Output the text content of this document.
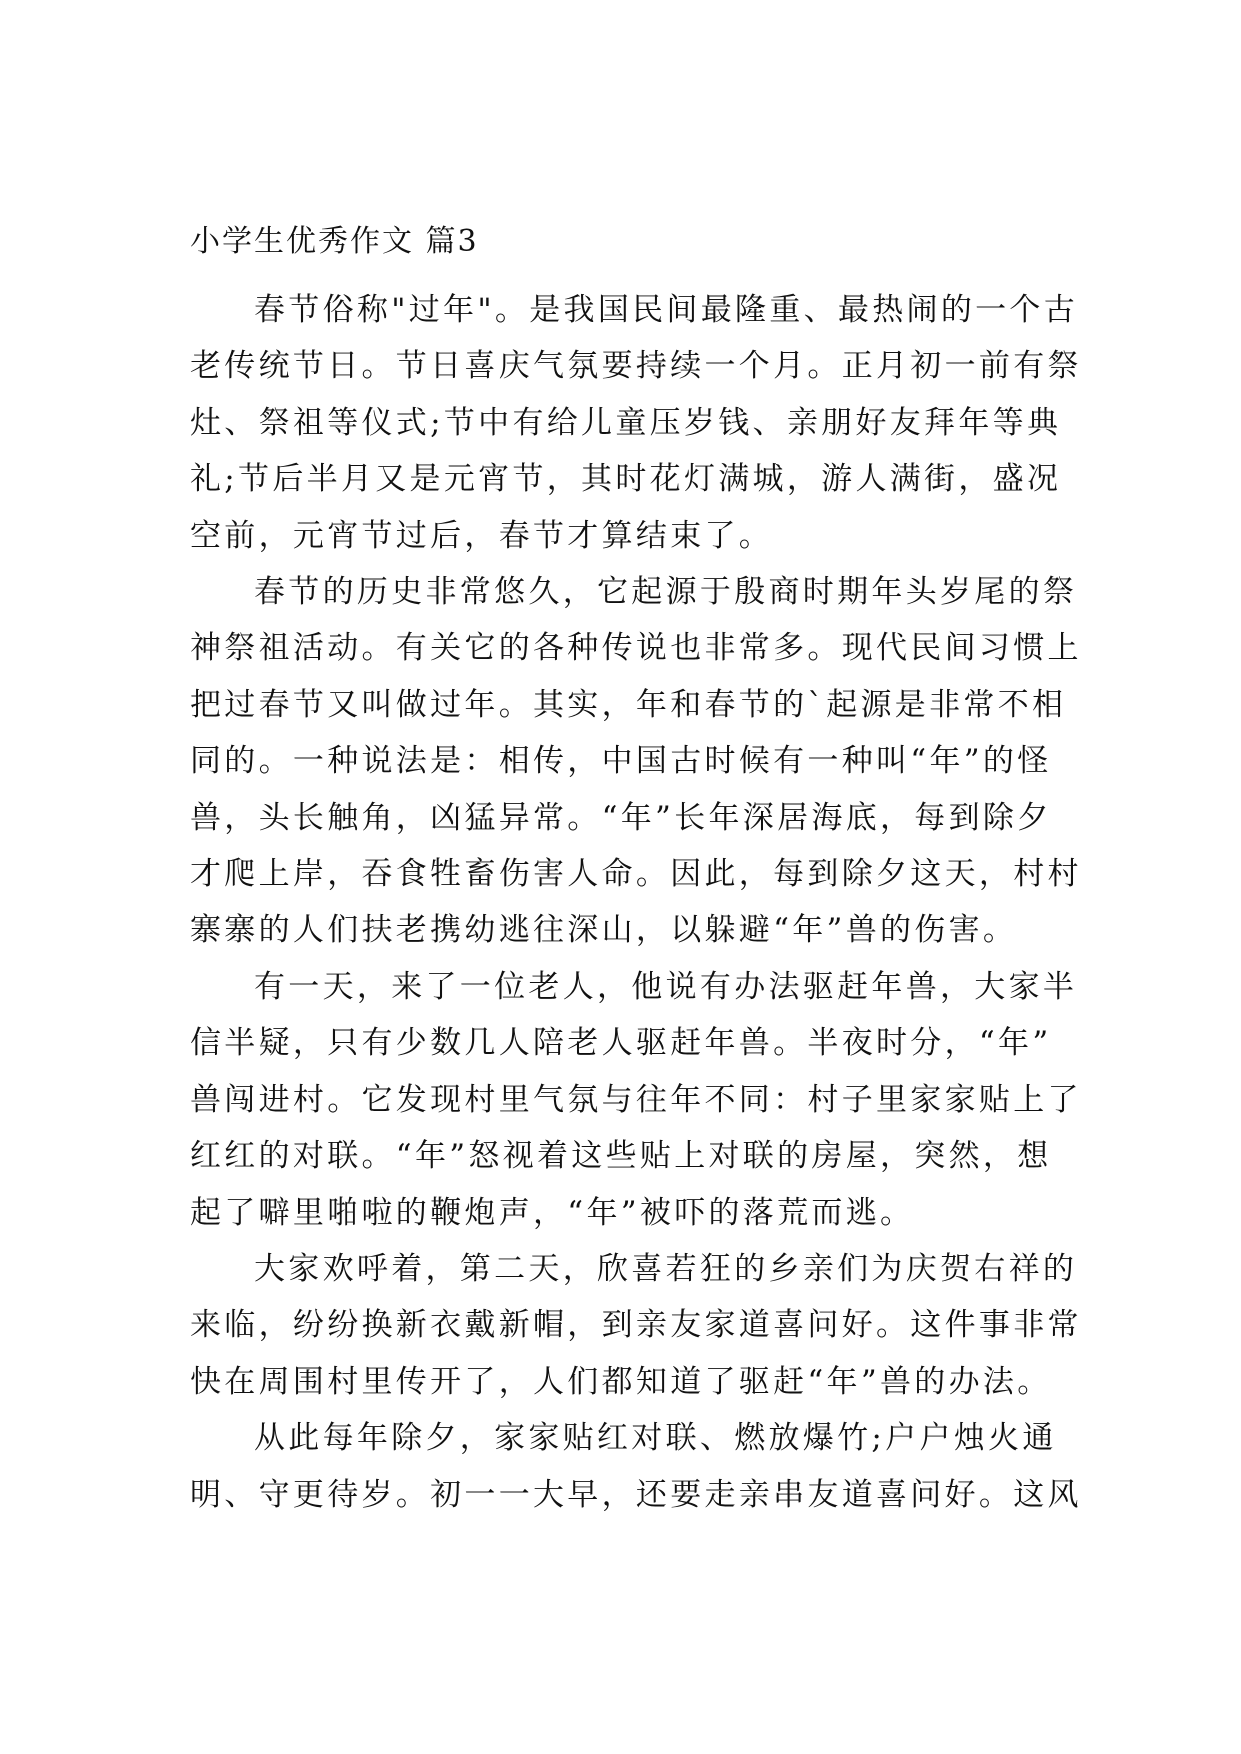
小学生优秀作文 篇3

春节俗称"过年"。是我国民间最隆重、最热闹的一个古
老传统节日。节日喜庆气氛要持续一个月。正月初一前有祭
灶、祭祖等仪式;节中有给儿童压岁钱、亲朋好友拜年等典
礼;节后半月又是元宵节，其时花灯满城，游人满街，盛况
空前，元宵节过后，春节才算结束了。

春节的历史非常悠久，它起源于殷商时期年头岁尾的祭
神祭祖活动。有关它的各种传说也非常多。现代民间习惯上
把过春节又叫做过年。其实，年和春节的`起源是非常不相
同的。一种说法是：相传，中国古时候有一种叫“年”的怪
兽，头长触角，凶猛异常。“年”长年深居海底，每到除夕
才爬上岸，吞食牲畜伤害人命。因此，每到除夕这天，村村
寨寨的人们扶老携幼逃往深山，以躲避“年”兽的伤害。

有一天，来了一位老人，他说有办法驱赶年兽，大家半
信半疑，只有少数几人陪老人驱赶年兽。半夜时分，“年”
兽闯进村。它发现村里气氛与往年不同：村子里家家贴上了
红红的对联。“年”怒视着这些贴上对联的房屋，突然，想
起了噼里啪啦的鞭炮声，“年”被吓的落荒而逃。

大家欢呼着，第二天，欣喜若狂的乡亲们为庆贺右祥的
来临，纷纷换新衣戴新帽，到亲友家道喜问好。这件事非常
快在周围村里传开了，人们都知道了驱赶“年”兽的办法。

从此每年除夕，家家贴红对联、燃放爆竹;户户烛火通
明、守更待岁。初一一大早，还要走亲串友道喜问好。这风
